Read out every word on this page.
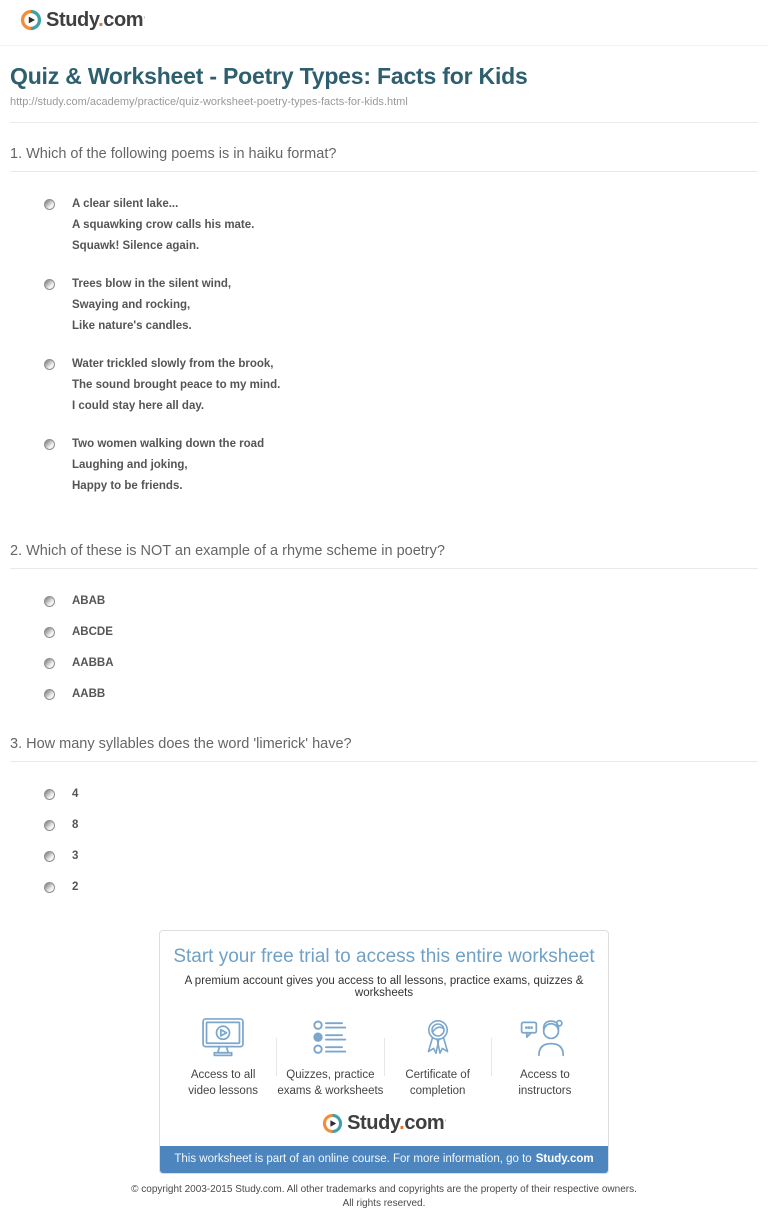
Study.com’
Quiz & Worksheet - Poetry Types: Facts for Kids
http://study.com/academy/practice/quiz-worksheet-poetry-types-facts-for-kids.html
1. Which of the following poems is in haiku format?
A clear silent lake...
A squawking crow calls his mate.
Squawk! Silence again.
Trees blow in the silent wind,
Swaying and rocking,
Like nature's candles.
Water trickled slowly from the brook,
The sound brought peace to my mind.
I could stay here all day.
Two women walking down the road
Laughing and joking,
Happy to be friends.
2. Which of these is NOT an example of a rhyme scheme in poetry?
ABAB
ABCDE
AABBA
AABB
3. How many syllables does the word 'limerick' have?
4
8
3
2
Start your free trial to access this entire worksheet
A premium account gives you access to all lessons, practice exams, quizzes & worksheets
Access to all
video lessons
Quizzes, practice
exams & worksheets
Certificate of
completion
Access to
instructors
Study.com’
This worksheet is part of an online course. For more information, go to Study.com
© copyright 2003-2015 Study.com. All other trademarks and copyrights are the property of their respective owners.
All rights reserved.
